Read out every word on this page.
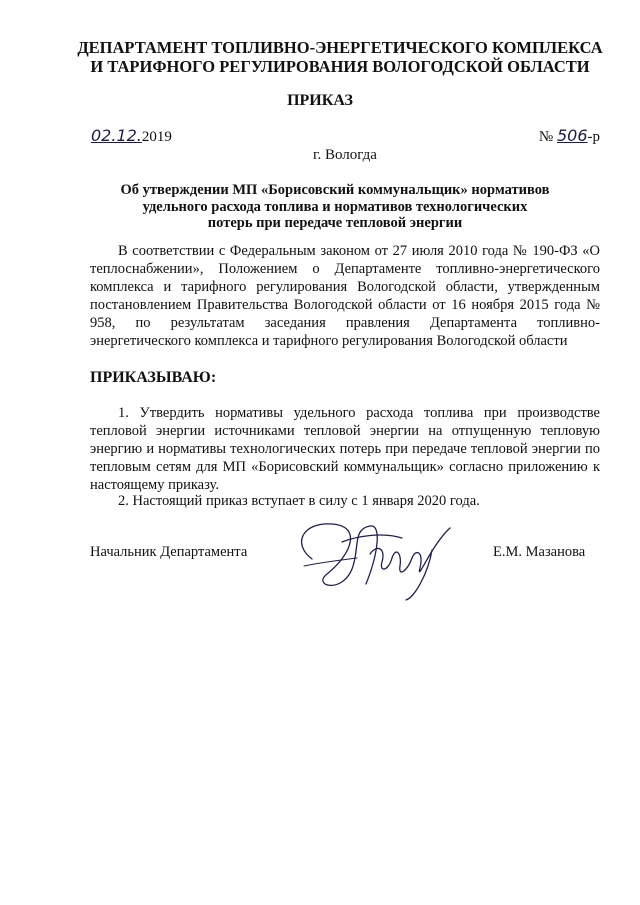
ДЕПАРТАМЕНТ ТОПЛИВНО-ЭНЕРГЕТИЧЕСКОГО КОМПЛЕКСА
И ТАРИФНОГО РЕГУЛИРОВАНИЯ ВОЛОГОДСКОЙ ОБЛАСТИ
ПРИКАЗ
02.12.2019	№ 506-р
г. Вологда
Об утверждении МП «Борисовский коммунальщик» нормативов
удельного расхода топлива и нормативов технологических
потерь при передаче тепловой энергии

В соответствии с Федеральным законом от 27 июля 2010 года № 190-ФЗ «О теплоснабжении», Положением о Департаменте топливно-энергетического комплекса и тарифного регулирования Вологодской области, утвержденным постановлением Правительства Вологодской области от 16 ноября 2015 года № 958, по результатам заседания правления Департамента топливно-энергетического комплекса и тарифного регулирования Вологодской области

ПРИКАЗЫВАЮ:

1. Утвердить нормативы удельного расхода топлива при производстве тепловой энергии источниками тепловой энергии на отпущенную тепловую энергию и нормативы технологических потерь при передаче тепловой энергии по тепловым сетям для МП «Борисовский коммунальщик» согласно приложению к настоящему приказу.

2. Настоящий приказ вступает в силу с 1 января 2020 года.

Начальник Департамента	Е.М. Мазанова
